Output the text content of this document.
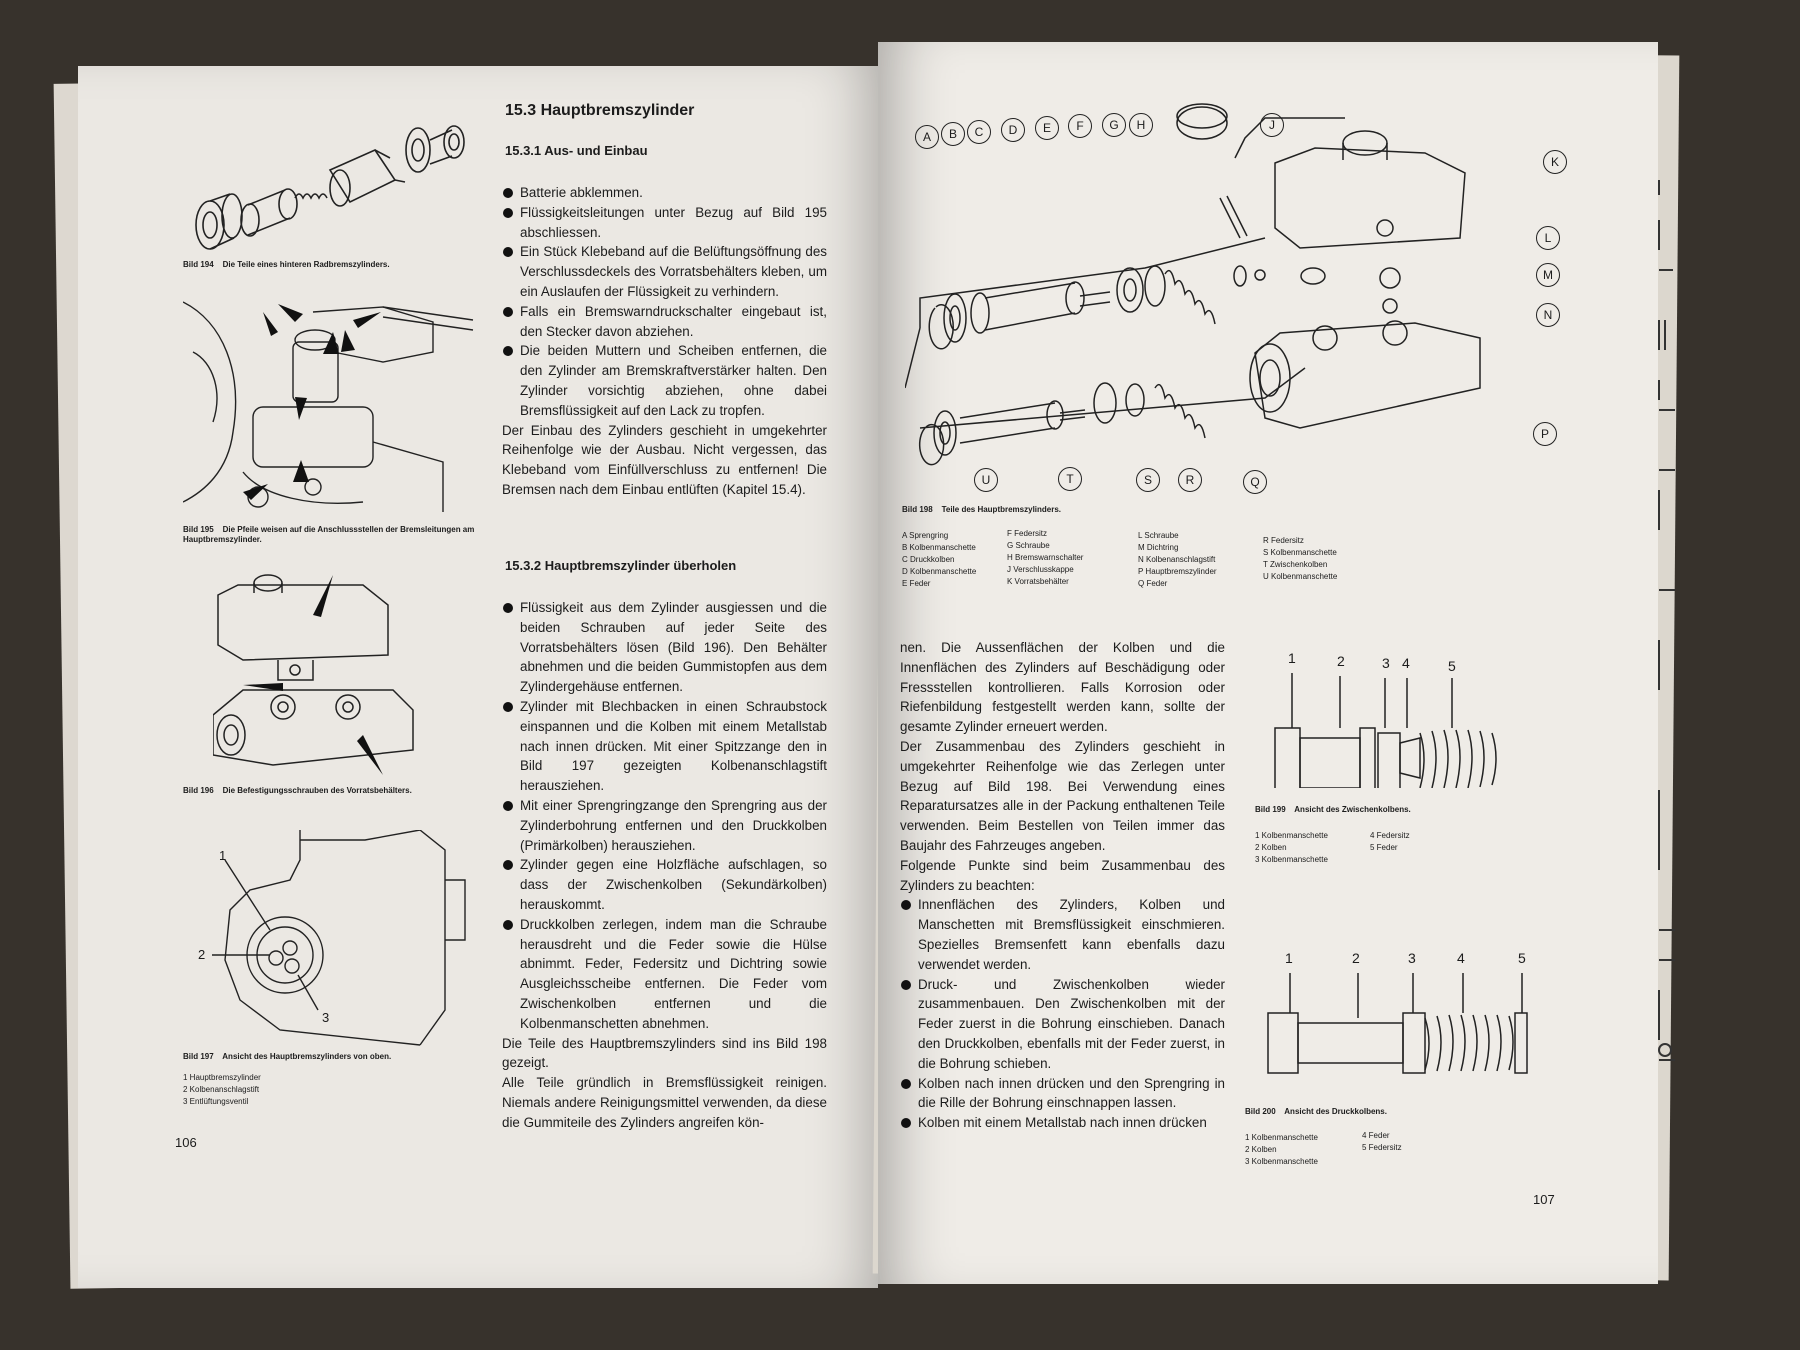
Bild 194 Die Teile eines hinteren Radbremszylinders.
Bild 195 Die Pfeile weisen auf die Anschlussstellen der Bremsleitungen am Hauptbremszylinder.
Bild 196 Die Befestigungsschrauben des Vorratsbehälters.
1
2
3
Bild 197 Ansicht des Hauptbremszylinders von oben.
1 Hauptbremszylinder
2 Kolbenanschlagstift
3 Entlüftungsventil
106
15.3 Hauptbremszylinder
15.3.1 Aus- und Einbau

Batterie abklemmen.

Flüssigkeitsleitungen unter Bezug auf Bild 195 abschliessen.

Ein Stück Klebeband auf die Belüftungsöffnung des Verschlussdeckels des Vorratsbehälters kleben, um ein Auslaufen der Flüssigkeit zu verhindern.

Falls ein Bremswarndruckschalter eingebaut ist, den Stecker davon abziehen.

Die beiden Muttern und Scheiben entfernen, die den Zylinder am Bremskraftverstärker halten. Den Zylinder vorsichtig abziehen, ohne dabei Bremsflüssigkeit auf den Lack zu tropfen.

Der Einbau des Zylinders geschieht in umgekehrter Reihenfolge wie der Ausbau. Nicht vergessen, das Klebeband vom Einfüllverschluss zu entfernen! Die Bremsen nach dem Einbau entlüften (Kapitel 15.4).

15.3.2 Hauptbremszylinder überholen

Flüssigkeit aus dem Zylinder ausgiessen und die beiden Schrauben auf jeder Seite des Vorratsbehälters lösen (Bild 196). Den Behälter abnehmen und die beiden Gummistopfen aus dem Zylindergehäuse entfernen.

Zylinder mit Blechbacken in einen Schraubstock einspannen und die Kolben mit einem Metallstab nach innen drücken. Mit einer Spitzzange den in Bild 197 gezeigten Kolbenanschlagstift herausziehen.

Mit einer Sprengringzange den Sprengring aus der Zylinderbohrung entfernen und den Druckkolben (Primärkolben) herausziehen.

Zylinder gegen eine Holzfläche aufschlagen, so dass der Zwischenkolben (Sekundärkolben) herauskommt.

Druckkolben zerlegen, indem man die Schraube herausdreht und die Feder sowie die Hülse abnimmt. Feder, Federsitz und Dichtring sowie Ausgleichsscheibe entfernen. Die Feder vom Zwischenkolben entfernen und die Kolbenmanschetten abnehmen.

Die Teile des Hauptbremszylinders sind ins Bild 198 gezeigt.

Alle Teile gründlich in Bremsflüssigkeit reinigen. Niemals andere Reinigungsmittel verwenden, da diese die Gummiteile des Zylinders angreifen kön-

A	B	C	D	E	F	G	H	J
K
L
M
N
P
U	T	S	R	Q
Bild 198 Teile des Hauptbremszylinders.
A Sprengring
B Kolbenmanschette
C Druckkolben
D Kolbenmanschette
E Feder
F Federsitz
G Schraube
H Bremswarnschalter
J Verschlusskappe
K Vorratsbehälter
L Schraube
M Dichtring
N Kolbenanschlagstift
P Hauptbremszylinder
Q Feder
R Federsitz
S Kolbenmanschette
T Zwischenkolben
U Kolbenmanschette

nen. Die Aussenflächen der Kolben und die Innenflächen des Zylinders auf Beschädigung oder Fressstellen kontrollieren. Falls Korrosion oder Riefenbildung festgestellt werden kann, sollte der gesamte Zylinder erneuert werden.

Der Zusammenbau des Zylinders geschieht in umgekehrter Reihenfolge wie das Zerlegen unter Bezug auf Bild 198. Bei Verwendung eines Reparatursatzes alle in der Packung enthaltenen Teile verwenden. Beim Bestellen von Teilen immer das Baujahr des Fahrzeuges angeben.

Folgende Punkte sind beim Zusammenbau des Zylinders zu beachten:

Innenflächen des Zylinders, Kolben und Manschetten mit Bremsflüssigkeit einschmieren. Spezielles Bremsenfett kann ebenfalls dazu verwendet werden.

Druck- und Zwischenkolben wieder zusammenbauen. Den Zwischenkolben mit der Feder zuerst in die Bohrung einschieben. Danach den Druckkolben, ebenfalls mit der Feder zuerst, in die Bohrung schieben.

Kolben nach innen drücken und den Sprengring in die Rille der Bohrung einschnappen lassen.

Kolben mit einem Metallstab nach innen drücken

1	2	3 4	5
Bild 199 Ansicht des Zwischenkolbens.
1 Kolbenmanschette
2 Kolben
3 Kolbenmanschette
4 Federsitz
5 Feder
1	2	3	4	5
Bild 200 Ansicht des Druckkolbens.
1 Kolbenmanschette
2 Kolben
3 Kolbenmanschette
4 Feder
5 Federsitz
107
